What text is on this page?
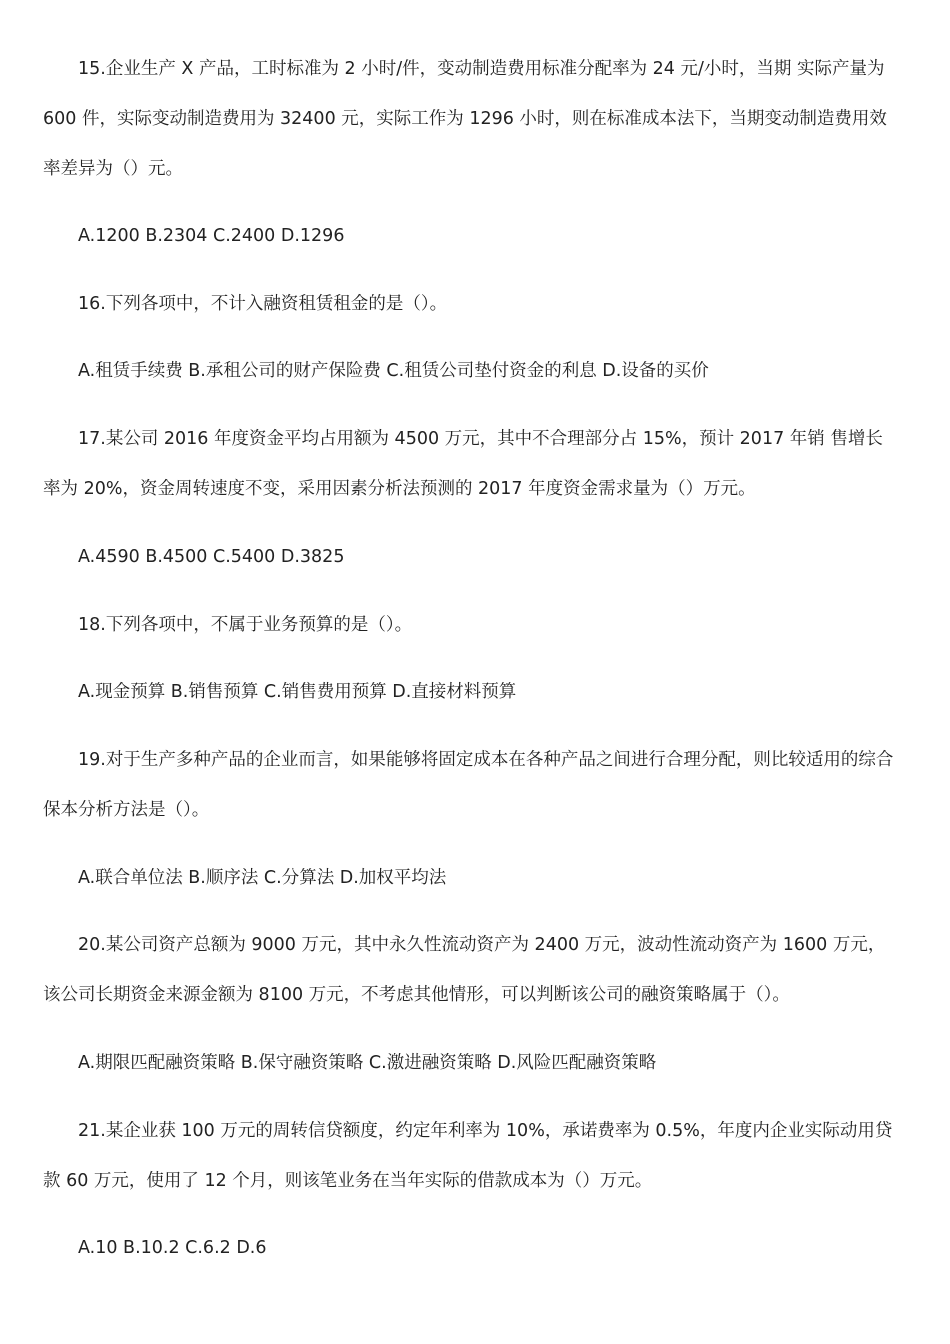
15.企业生产 X 产品，工时标准为 2 小时/件，变动制造费用标准分配率为 24 元/小时，当期 实际产量为 600 件，实际变动制造费用为 32400 元，实际工作为 1296 小时，则在标准成本法下，当期变动制造费用效率差异为（）元。

A.1200 B.2304 C.2400 D.1296

16.下列各项中，不计入融资租赁租金的是（）。

A.租赁手续费 B.承租公司的财产保险费 C.租赁公司垫付资金的利息 D.设备的买价

17.某公司 2016 年度资金平均占用额为 4500 万元，其中不合理部分占 15%，预计 2017 年销 售增长率为 20%，资金周转速度不变，采用因素分析法预测的 2017 年度资金需求量为（）万元。

A.4590 B.4500 C.5400 D.3825

18.下列各项中，不属于业务预算的是（）。

A.现金预算 B.销售预算 C.销售费用预算 D.直接材料预算

19.对于生产多种产品的企业而言，如果能够将固定成本在各种产品之间进行合理分配，则比较适用的综合保本分析方法是（）。

A.联合单位法 B.顺序法 C.分算法 D.加权平均法

20.某公司资产总额为 9000 万元，其中永久性流动资产为 2400 万元，波动性流动资产为 1600 万元，该公司长期资金来源金额为 8100 万元，不考虑其他情形，可以判断该公司的融资策略属于（）。

A.期限匹配融资策略 B.保守融资策略 C.激进融资策略 D.风险匹配融资策略

21.某企业获 100 万元的周转信贷额度，约定年利率为 10%，承诺费率为 0.5%，年度内企业实际动用贷款 60 万元，使用了 12 个月，则该笔业务在当年实际的借款成本为（）万元。

A.10 B.10.2 C.6.2 D.6
